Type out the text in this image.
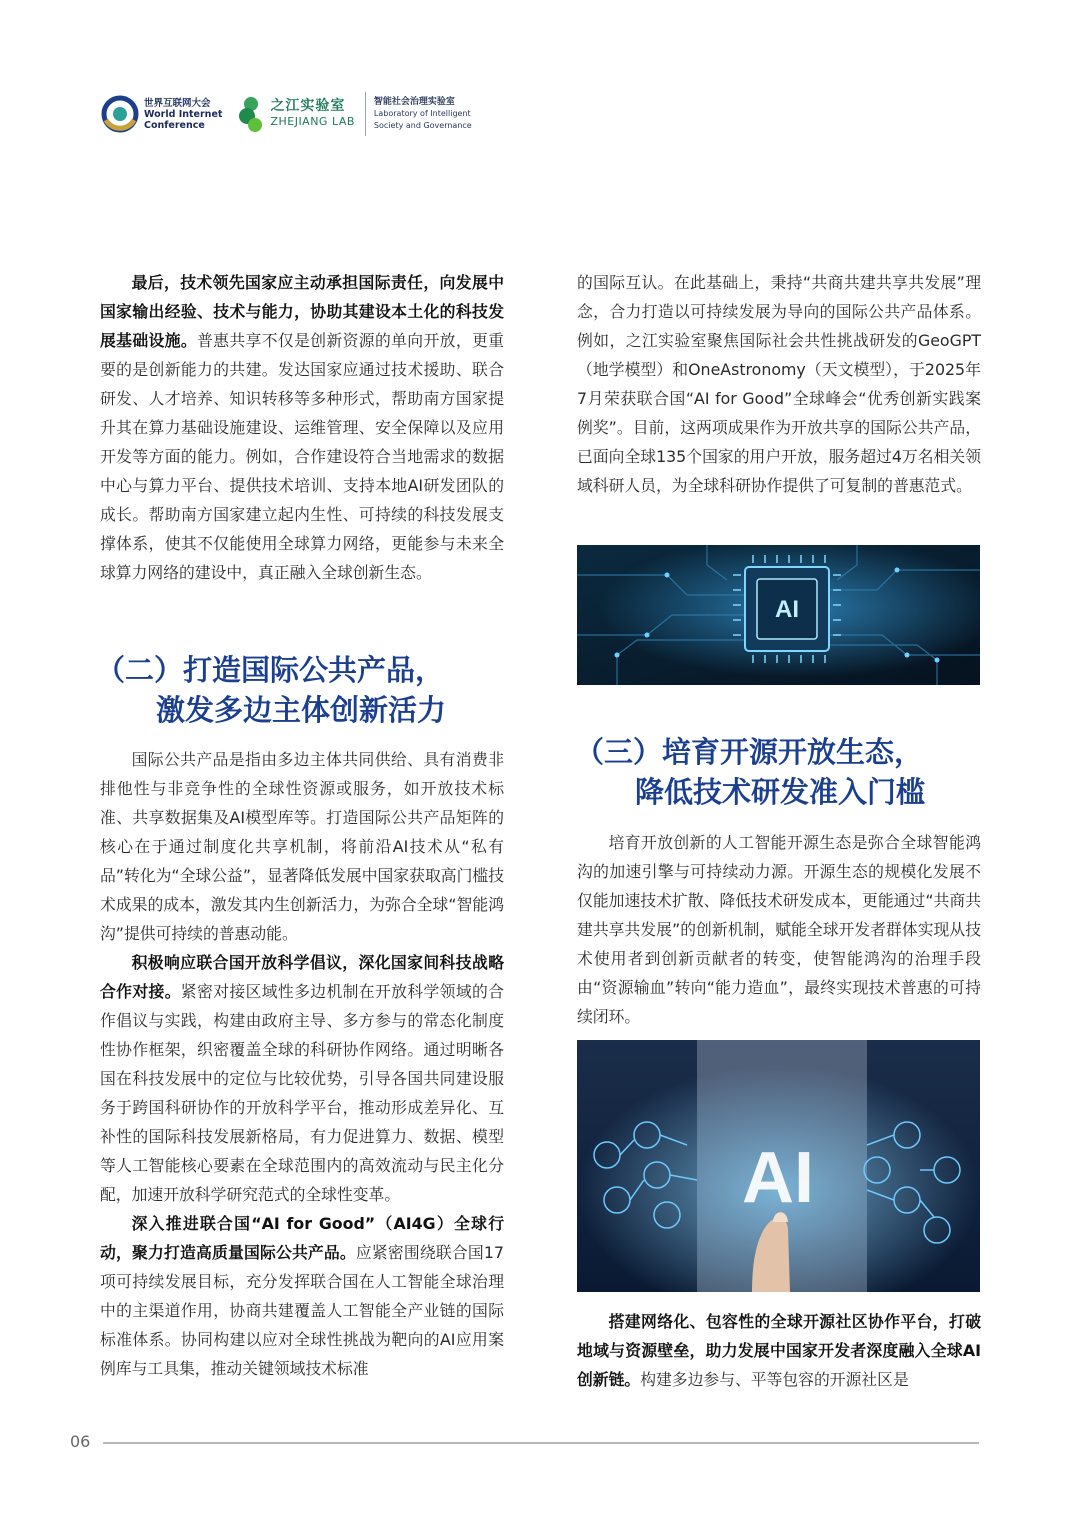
世界互联网大会
World Internet
Conference
之江实验室
ZHEJIANG LAB
智能社会治理实验室
Laboratory of Intelligent
Society and Governance

最后，技术领先国家应主动承担国际责任，向发展中国家输出经验、技术与能力，协助其建设本土化的科技发展基础设施。普惠共享不仅是创新资源的单向开放，更重要的是创新能力的共建。发达国家应通过技术援助、联合研发、人才培养、知识转移等多种形式，帮助南方国家提升其在算力基础设施建设、运维管理、安全保障以及应用开发等方面的能力。例如，合作建设符合当地需求的数据中心与算力平台、提供技术培训、支持本地AI研发团队的成长。帮助南方国家建立起内生性、可持续的科技发展支撑体系，使其不仅能使用全球算力网络，更能参与未来全球算力网络的建设中，真正融入全球创新生态。

（二）打造国际公共产品，
激发多边主体创新活力

国际公共产品是指由多边主体共同供给、具有消费非排他性与非竞争性的全球性资源或服务，如开放技术标准、共享数据集及AI模型库等。打造国际公共产品矩阵的核心在于通过制度化共享机制，将前沿AI技术从“私有品”转化为“全球公益”，显著降低发展中国家获取高门槛技术成果的成本，激发其内生创新活力，为弥合全球“智能鸿沟”提供可持续的普惠动能。

积极响应联合国开放科学倡议，深化国家间科技战略合作对接。紧密对接区域性多边机制在开放科学领域的合作倡议与实践，构建由政府主导、多方参与的常态化制度性协作框架，织密覆盖全球的科研协作网络。通过明晰各国在科技发展中的定位与比较优势，引导各国共同建设服务于跨国科研协作的开放科学平台，推动形成差异化、互补性的国际科技发展新格局，有力促进算力、数据、模型等人工智能核心要素在全球范围内的高效流动与民主化分配，加速开放科学研究范式的全球性变革。

深入推进联合国“AI for Good”（AI4G）全球行动，聚力打造高质量国际公共产品。应紧密围绕联合国17项可持续发展目标，充分发挥联合国在人工智能全球治理中的主渠道作用，协商共建覆盖人工智能全产业链的国际标准体系。协同构建以应对全球性挑战为靶向的AI应用案例库与工具集，推动关键领域技术标准

的国际互认。在此基础上，秉持“共商共建共享共发展”理念，合力打造以可持续发展为导向的国际公共产品体系。例如，之江实验室聚焦国际社会共性挑战研发的GeoGPT（地学模型）和OneAstronomy（天文模型），于2025年7月荣获联合国“AI for Good”全球峰会“优秀创新实践案例奖”。目前，这两项成果作为开放共享的国际公共产品，已面向全球135个国家的用户开放，服务超过4万名相关领域科研人员，为全球科研协作提供了可复制的普惠范式。

AI
（三）培育开源开放生态，
降低技术研发准入门槛

培育开放创新的人工智能开源生态是弥合全球智能鸿沟的加速引擎与可持续动力源。开源生态的规模化发展不仅能加速技术扩散、降低技术研发成本，更能通过“共商共建共享共发展”的创新机制，赋能全球开发者群体实现从技术使用者到创新贡献者的转变，使智能鸿沟的治理手段由“资源输血”转向“能力造血”，最终实现技术普惠的可持续闭环。

AI

搭建网络化、包容性的全球开源社区协作平台，打破地域与资源壁垒，助力发展中国家开发者深度融入全球AI创新链。构建多边参与、平等包容的开源社区是

06
